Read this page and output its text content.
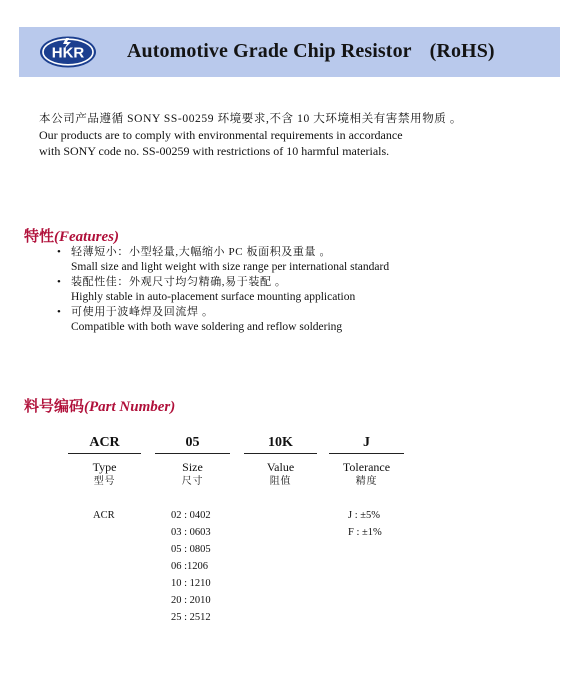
HKR Automotive Grade Chip Resistor (RoHS)
本公司产品遵循 SONY SS-00259 环境要求,不含 10 大环境相关有害禁用物质 。
Our products are to comply with environmental requirements in accordance
with SONY code no. SS-00259 with restrictions of 10 harmful materials.
特性(Features)
• 轻薄短小：小型轻量,大幅缩小 PC 板面积及重量 。
Small size and light weight with size range per international standard
• 装配性佳：外观尺寸均匀精确,易于装配 。
Highly stable in auto-placement surface mounting application
• 可使用于波峰焊及回流焊 。
Compatible with both wave soldering and reflow soldering
料号编码(Part Number)
ACR
Type
型号
05
Size
尺寸
10K
Value
阻值
J
Tolerance
精度
ACR	02 : 0402
03 : 0603
05 : 0805
06 :1206
10 : 1210
20 : 2010
25 : 2512
J : ±5%
F : ±1%
